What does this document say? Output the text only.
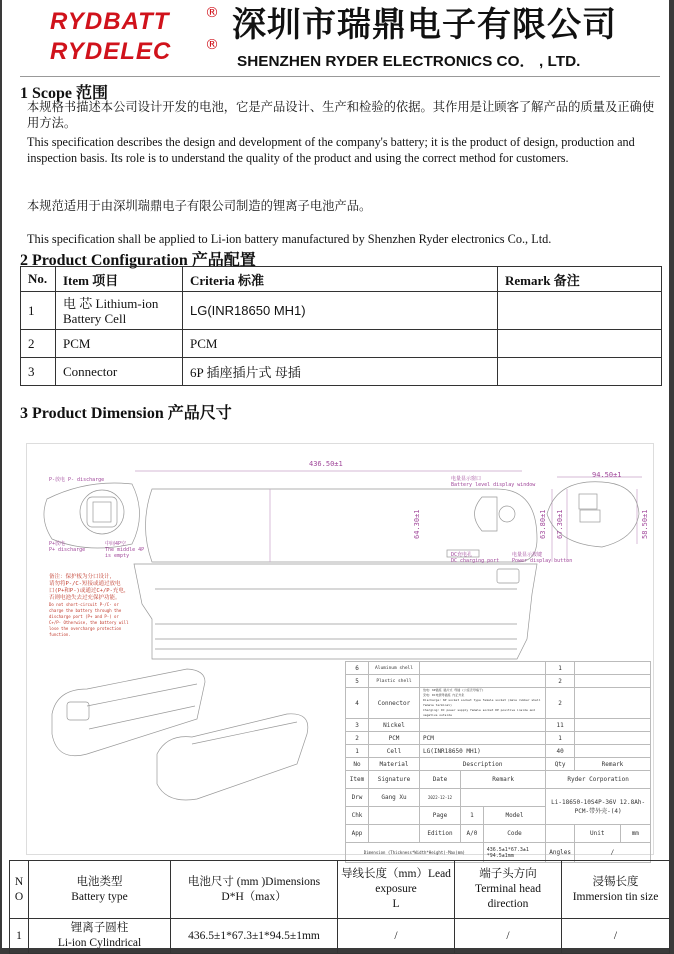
RYDBATT	®
RYDELEC ® 深圳市瑞鼎电子有限公司
SHENZHEN RYDER ELECTRONICS CO． , LTD.
1 Scope 范围
本规格书描述本公司设计开发的电池，它是产品设计、生产和检验的依据。其作用是让顾客了解产品的质量及正确使用方法。
This specification describes the design and development of the company's battery; it is the product of design, production and inspection basis. Its role is to understand the quality of the product and using the correct method for customers.
本规范适用于由深圳瑞鼎电子有限公司制造的锂离子电池产品。
This specification shall be applied to Li-ion battery manufactured by Shenzhen Ryder electronics Co., Ltd.
2 Product Configuration 产品配置
No.	Item 项目	Criteria 标准	Remark 备注
1	电 芯 Lithium-ion Battery Cell	LG(INR18650 MH1)	
2	PCM	PCM	
3	Connector	6P 插座插片式 母插	
3 Product Dimension 产品尺寸
P-放电 P- discharge
P+放电
P+ discharge
中间4P空
The middle 4P
is empty
电量显示窗口
Battery level display window
DC充电孔
DC charging port
电量显示按键
Power display button
备注：保护板为分口设计，
请勿将P-/C-短接或通过放电
口(P+和P-)或通过C+/P-充电，
否则电池失去过充保护功能。
Do not short-circuit P-/C- or
charge the battery through the
discharge port (P+ and P-) or
C+/P- Otherwise, the battery will
lose the overcharge protection
function.
436.50±1
94.50±1
64.30±1	63.80±1 67.30±1	58.50±1
6	Aluminum shell				1		
5	Plastic shell				2		
4	Connector	放电：6P插座 插片式 母插 (公座壳母端子)
充电：DC电源母插座 内正外负
Discharge: 6P socket socket type female socket (male rubber shell female terminal)
Charging: DC power supply female socket DP positive inside and negative outside			2		
3	Nickel				11		
2	PCM	PCM			1		
1	Cell	LG(INR18650 MH1)			40		
No	Material	Description			Qty	Remark	
Item	Signature	Date	Remark		Ryder Corporation		
Drw	Gang Xu	2022-12-12			Li-18650-10S4P-36V 12.8Ah-PCM-带外壳-(4)		
Chk		Page	1	Model			
App		Edition	A/0	Code		Unit	mm
Dimension (Thickness*Width*Height)-Max(mm)				436.5±1*67.3±1
*94.5±1mm	Angles	/	
N
O	电池类型
Battery type	电池尺寸 (mm )Dimensions
D*H（max）	导线长度（mm）Lead
exposure
L	端子头方向
Terminal head
direction	浸锡长度
Immersion tin size
1	锂离子圆柱
Li-ion Cylindrical	436.5±1*67.3±1*94.5±1mm	/	/	/
